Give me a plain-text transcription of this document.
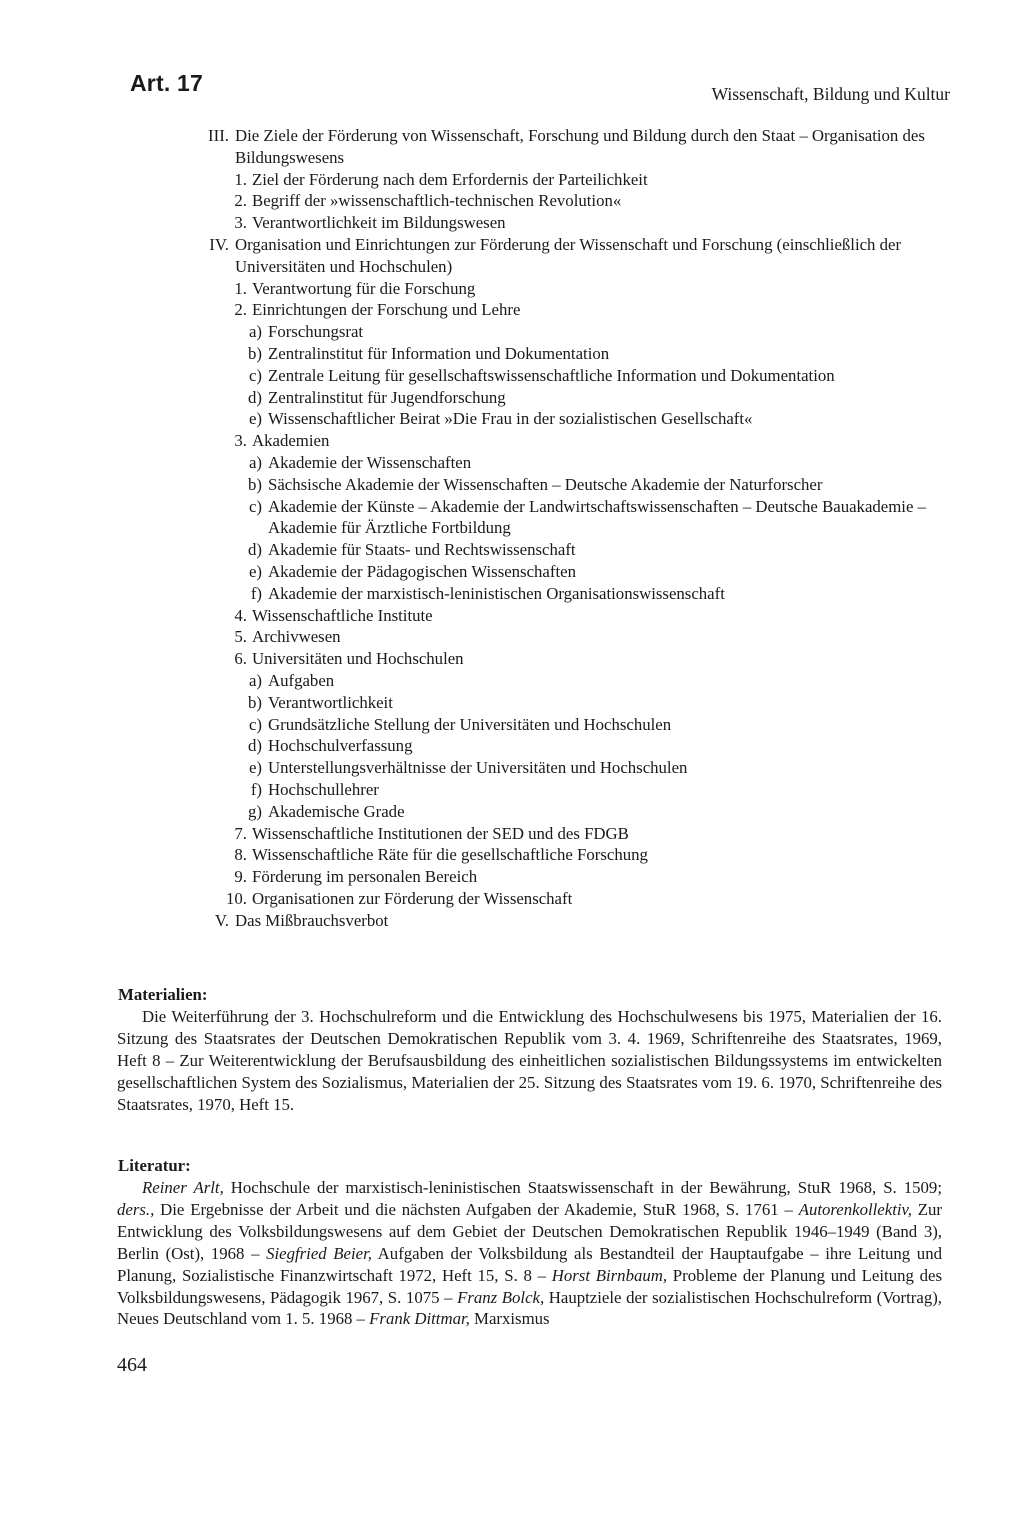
Art. 17	Wissenschaft, Bildung und Kultur
III. Die Ziele der Förderung von Wissenschaft, Forschung und Bildung durch den Staat – Organisation des Bildungswesens
1. Ziel der Förderung nach dem Erfordernis der Parteilichkeit
2. Begriff der »wissenschaftlich-technischen Revolution«
3. Verantwortlichkeit im Bildungswesen
IV. Organisation und Einrichtungen zur Förderung der Wissenschaft und Forschung (einschließlich der Universitäten und Hochschulen)
1. Verantwortung für die Forschung
2. Einrichtungen der Forschung und Lehre
a) Forschungsrat
b) Zentralinstitut für Information und Dokumentation
c) Zentrale Leitung für gesellschaftswissenschaftliche Information und Dokumentation
d) Zentralinstitut für Jugendforschung
e) Wissenschaftlicher Beirat »Die Frau in der sozialistischen Gesellschaft«
3. Akademien
a) Akademie der Wissenschaften
b) Sächsische Akademie der Wissenschaften – Deutsche Akademie der Naturforscher
c) Akademie der Künste – Akademie der Landwirtschaftswissenschaften – Deutsche Bauakademie – Akademie für Ärztliche Fortbildung
d) Akademie für Staats- und Rechtswissenschaft
e) Akademie der Pädagogischen Wissenschaften
f) Akademie der marxistisch-leninistischen Organisationswissenschaft
4. Wissenschaftliche Institute
5. Archivwesen
6. Universitäten und Hochschulen
a) Aufgaben
b) Verantwortlichkeit
c) Grundsätzliche Stellung der Universitäten und Hochschulen
d) Hochschulverfassung
e) Unterstellungsverhältnisse der Universitäten und Hochschulen
f) Hochschullehrer
g) Akademische Grade
7. Wissenschaftliche Institutionen der SED und des FDGB
8. Wissenschaftliche Räte für die gesellschaftliche Forschung
9. Förderung im personalen Bereich
10. Organisationen zur Förderung der Wissenschaft
V. Das Mißbrauchsverbot
Materialien:

Die Weiterführung der 3. Hochschulreform und die Entwicklung des Hochschulwesens bis 1975, Materialien der 16. Sitzung des Staatsrates der Deutschen Demokratischen Republik vom 3. 4. 1969, Schriftenreihe des Staatsrates, 1969, Heft 8 – Zur Weiterentwicklung der Berufsausbildung des einheitlichen sozialistischen Bildungssystems im entwickelten gesellschaftlichen System des Sozialismus, Materialien der 25. Sitzung des Staatsrates vom 19. 6. 1970, Schriftenreihe des Staatsrates, 1970, Heft 15.

Literatur:

Reiner Arlt, Hochschule der marxistisch-leninistischen Staatswissenschaft in der Bewährung, StuR 1968, S. 1509; ders., Die Ergebnisse der Arbeit und die nächsten Aufgaben der Akademie, StuR 1968, S. 1761 – Autorenkollektiv, Zur Entwicklung des Volksbildungswesens auf dem Gebiet der Deutschen Demokratischen Republik 1946–1949 (Band 3), Berlin (Ost), 1968 – Siegfried Beier, Aufgaben der Volksbildung als Bestandteil der Hauptaufgabe – ihre Leitung und Planung, Sozialistische Finanzwirtschaft 1972, Heft 15, S. 8 – Horst Birnbaum, Probleme der Planung und Leitung des Volksbildungswesens, Pädagogik 1967, S. 1075 – Franz Bolck, Hauptziele der sozialistischen Hochschulreform (Vortrag), Neues Deutschland vom 1. 5. 1968 – Frank Dittmar, Marxismus

464
